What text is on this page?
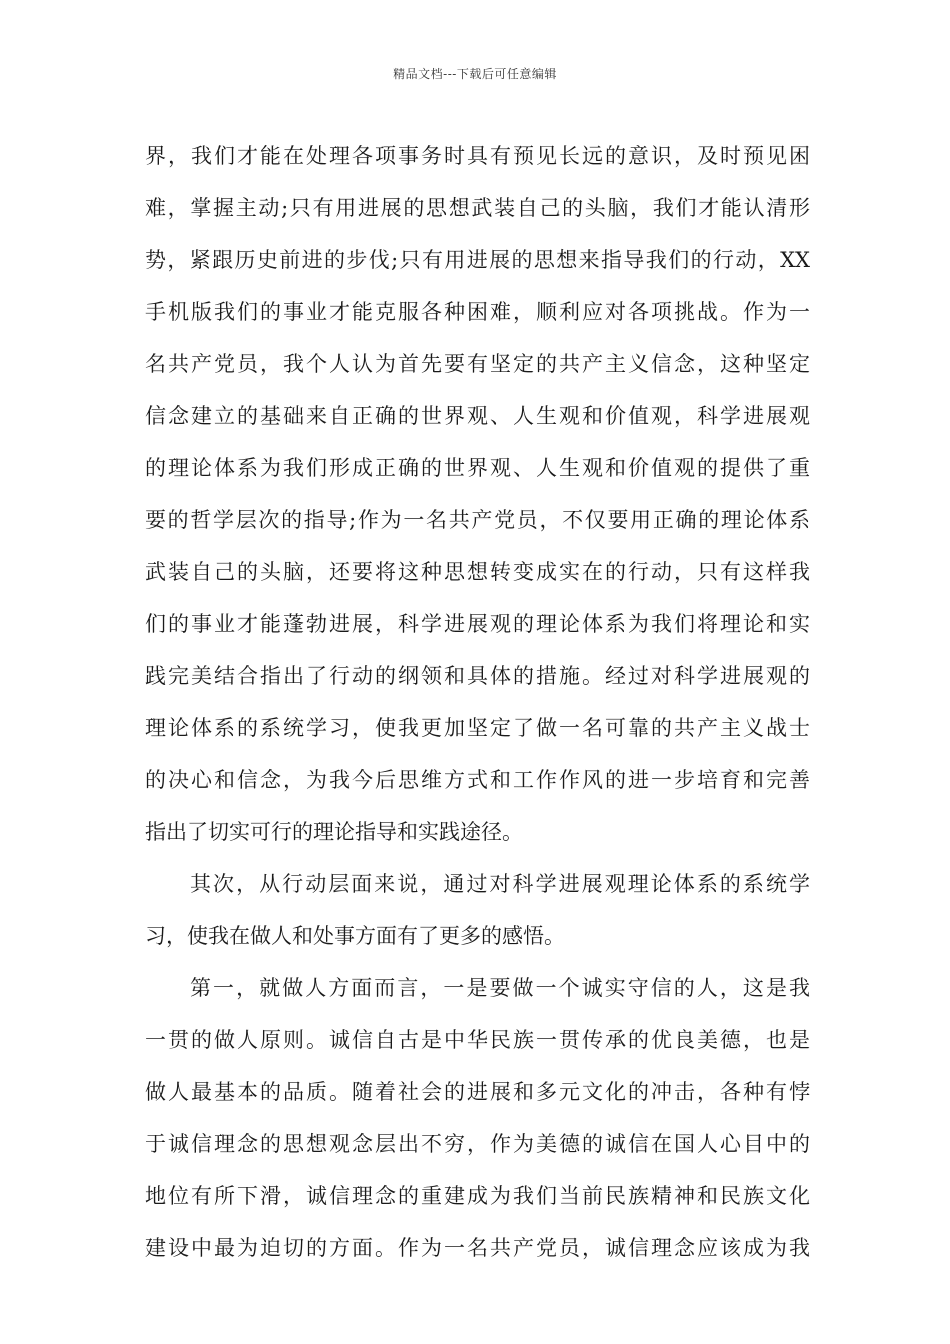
精品文档---下载后可任意编辑
界，我们才能在处理各项事务时具有预见长远的意识，及时预见困
难，掌握主动;只有用进展的思想武装自己的头脑，我们才能认清形
势，紧跟历史前进的步伐;只有用进展的思想来指导我们的行动，XX
手机版我们的事业才能克服各种困难，顺利应对各项挑战。作为一
名共产党员，我个人认为首先要有坚定的共产主义信念，这种坚定
信念建立的基础来自正确的世界观、人生观和价值观，科学进展观
的理论体系为我们形成正确的世界观、人生观和价值观的提供了重
要的哲学层次的指导;作为一名共产党员，不仅要用正确的理论体系
武装自己的头脑，还要将这种思想转变成实在的行动，只有这样我
们的事业才能蓬勃进展，科学进展观的理论体系为我们将理论和实
践完美结合指出了行动的纲领和具体的措施。经过对科学进展观的
理论体系的系统学习，使我更加坚定了做一名可靠的共产主义战士
的决心和信念，为我今后思维方式和工作作风的进一步培育和完善
指出了切实可行的理论指导和实践途径。
其次，从行动层面来说，通过对科学进展观理论体系的系统学
习，使我在做人和处事方面有了更多的感悟。
第一，就做人方面而言，一是要做一个诚实守信的人，这是我
一贯的做人原则。诚信自古是中华民族一贯传承的优良美德，也是
做人最基本的品质。随着社会的进展和多元文化的冲击，各种有悖
于诚信理念的思想观念层出不穷，作为美德的诚信在国人心目中的
地位有所下滑，诚信理念的重建成为我们当前民族精神和民族文化
建设中最为迫切的方面。作为一名共产党员，诚信理念应该成为我
